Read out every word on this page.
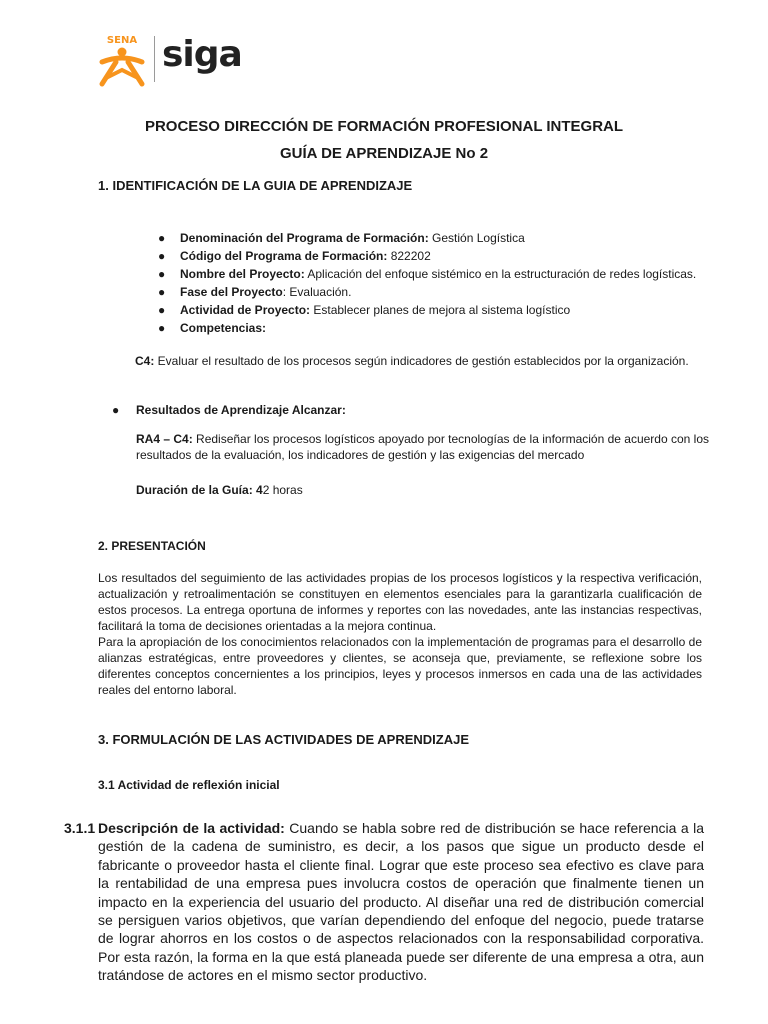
SENA siga
PROCESO DIRECCIÓN DE FORMACIÓN PROFESIONAL INTEGRAL
GUÍA DE APRENDIZAJE No 2
1. IDENTIFICACIÓN DE LA GUIA DE APRENDIZAJE
● Denominación del Programa de Formación: Gestión Logística
● Código del Programa de Formación: 822202
● Nombre del Proyecto: Aplicación del enfoque sistémico en la estructuración de redes logísticas.
● Fase del Proyecto: Evaluación.
● Actividad de Proyecto: Establecer planes de mejora al sistema logístico
● Competencias:
C4: Evaluar el resultado de los procesos según indicadores de gestión establecidos por la organización.
● Resultados de Aprendizaje Alcanzar:
RA4 – C4: Rediseñar los procesos logísticos apoyado por tecnologías de la información de acuerdo con los resultados de la evaluación, los indicadores de gestión y las exigencias del mercado
Duración de la Guía: 42 horas
2. PRESENTACIÓN
Los resultados del seguimiento de las actividades propias de los procesos logísticos y la respectiva verificación, actualización y retroalimentación se constituyen en elementos esenciales para la garantizarla cualificación de estos procesos. La entrega oportuna de informes y reportes con las novedades, ante las instancias respectivas, facilitará la toma de decisiones orientadas a la mejora continua.
Para la apropiación de los conocimientos relacionados con la implementación de programas para el desarrollo de alianzas estratégicas, entre proveedores y clientes, se aconseja que, previamente, se reflexione sobre los diferentes conceptos concernientes a los principios, leyes y procesos inmersos en cada una de las actividades reales del entorno laboral.
3. FORMULACIÓN DE LAS ACTIVIDADES DE APRENDIZAJE
3.1 Actividad de reflexión inicial
3.1.1 Descripción de la actividad: Cuando se habla sobre red de distribución se hace referencia a la gestión de la cadena de suministro, es decir, a los pasos que sigue un producto desde el fabricante o proveedor hasta el cliente final. Lograr que este proceso sea efectivo es clave para la rentabilidad de una empresa pues involucra costos de operación que finalmente tienen un impacto en la experiencia del usuario del producto. Al diseñar una red de distribución comercial se persiguen varios objetivos, que varían dependiendo del enfoque del negocio, puede tratarse de lograr ahorros en los costos o de aspectos relacionados con la responsabilidad corporativa. Por esta razón, la forma en la que está planeada puede ser diferente de una empresa a otra, aun tratándose de actores en el mismo sector productivo.
